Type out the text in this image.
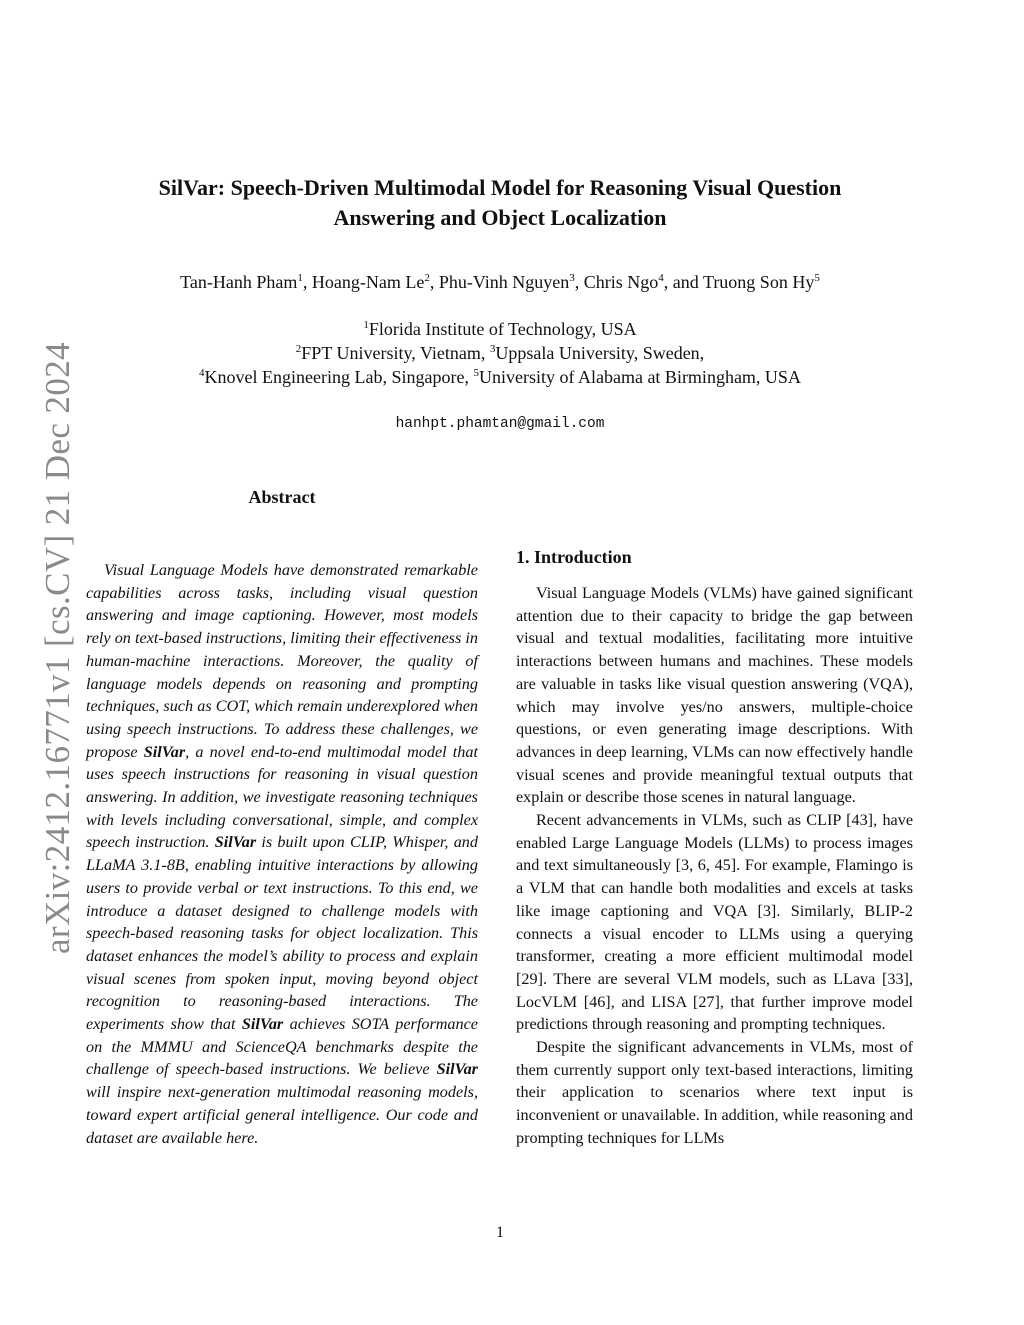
arXiv:2412.16771v1 [cs.CV] 21 Dec 2024
SilVar: Speech-Driven Multimodal Model for Reasoning Visual Question
Answering and Object Localization
Tan-Hanh Pham$^1$, Hoang-Nam Le$^2$, Phu-Vinh Nguyen$^3$, Chris Ngo$^4$, and Truong Son Hy$^5$
$^1$Florida Institute of Technology, USA
$^2$FPT University, Vietnam, $^3$Uppsala University, Sweden,
$^4$Knovel Engineering Lab, Singapore, $^5$University of Alabama at Birmingham, USA
hanhpt.phamtan@gmail.com
Abstract
Visual Language Models have demonstrated remarkable capabilities across tasks, including visual question answering and image captioning. However, most models rely on text-based instructions, limiting their effectiveness in human-machine interactions. Moreover, the quality of language models depends on reasoning and prompting techniques, such as COT, which remain underexplored when using speech instructions. To address these challenges, we propose SilVar, a novel end-to-end multimodal model that uses speech instructions for reasoning in visual question answering. In addition, we investigate reasoning techniques with levels including conversational, simple, and complex speech instruction. SilVar is built upon CLIP, Whisper, and LLaMA 3.1-8B, enabling intuitive interactions by allowing users to provide verbal or text instructions. To this end, we introduce a dataset designed to challenge models with speech-based reasoning tasks for object localization. This dataset enhances the model’s ability to process and explain visual scenes from spoken input, moving beyond object recognition to reasoning-based interactions. The experiments show that SilVar achieves SOTA performance on the MMMU and ScienceQA benchmarks despite the challenge of speech-based instructions. We believe SilVar will inspire next-generation multimodal reasoning models, toward expert artificial general intelligence. Our code and dataset are available here.
1. Introduction

Visual Language Models (VLMs) have gained significant attention due to their capacity to bridge the gap between visual and textual modalities, facilitating more intuitive interactions between humans and machines. These models are valuable in tasks like visual question answering (VQA), which may involve yes/no answers, multiple-choice questions, or even generating image descriptions. With advances in deep learning, VLMs can now effectively handle visual scenes and provide meaningful textual outputs that explain or describe those scenes in natural language.

Recent advancements in VLMs, such as CLIP [43], have enabled Large Language Models (LLMs) to process images and text simultaneously [3, 6, 45]. For example, Flamingo is a VLM that can handle both modalities and excels at tasks like image captioning and VQA [3]. Similarly, BLIP-2 connects a visual encoder to LLMs using a querying transformer, creating a more efficient multimodal model [29]. There are several VLM models, such as LLava [33], LocVLM [46], and LISA [27], that further improve model predictions through reasoning and prompting techniques.

Despite the significant advancements in VLMs, most of them currently support only text-based interactions, limiting their application to scenarios where text input is inconvenient or unavailable. In addition, while reasoning and prompting techniques for LLMs

1
